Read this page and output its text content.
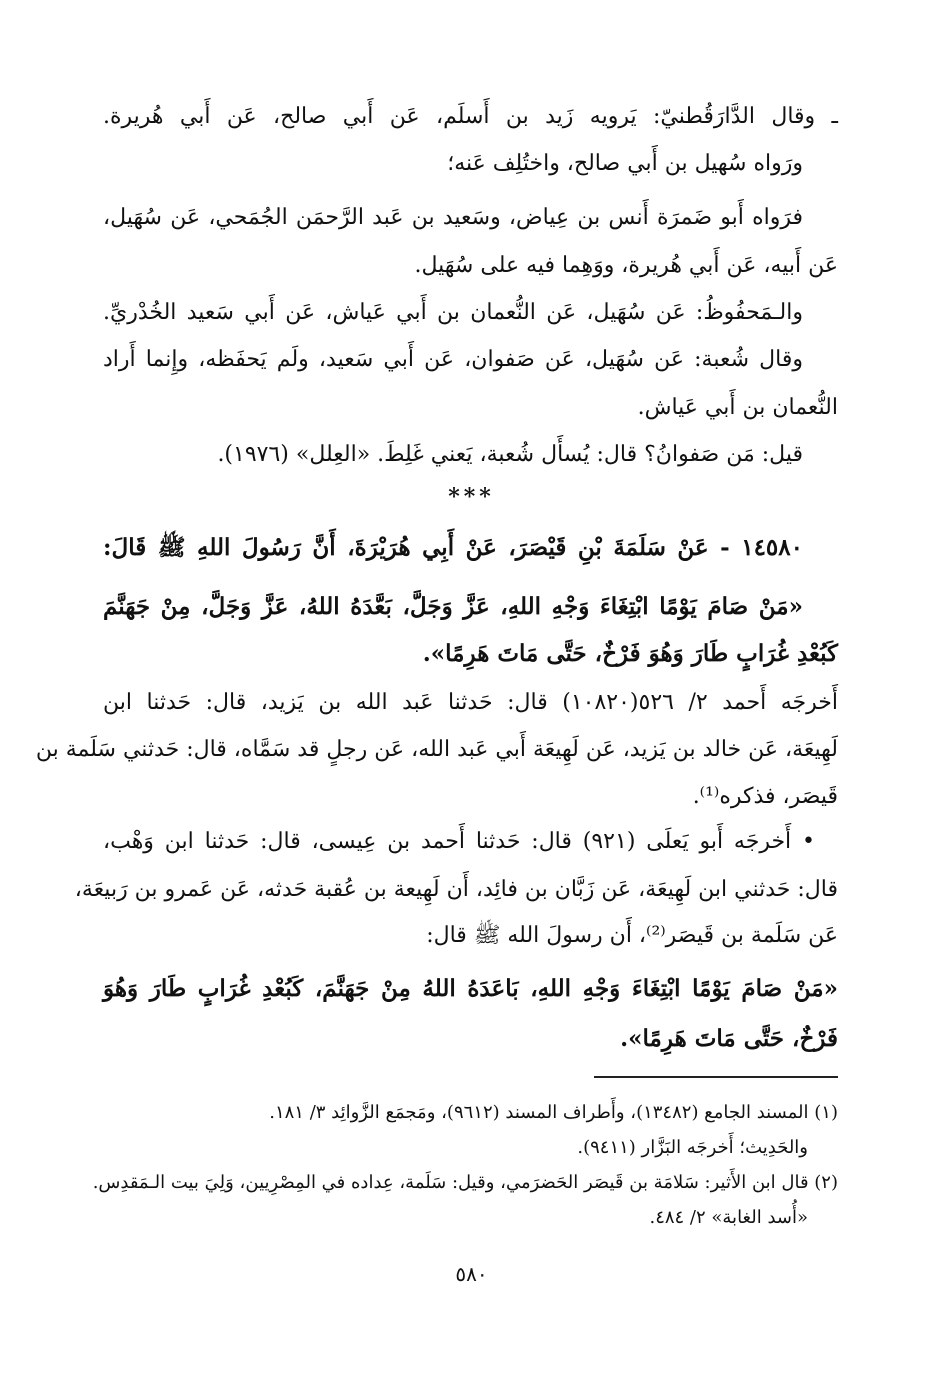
ـ وقال الدَّارَقُطنيّ: يَرويه زَيد بن أَسلَم، عَن أَبي صالح، عَن أَبي هُريرة.
ورَواه سُهيل بن أَبي صالح، واختُلِف عَنه؛
فرَواه أَبو ضَمرَة أَنس بن عِياض، وسَعيد بن عَبد الرَّحمَن الجُمَحي، عَن سُهَيل،
عَن أَبيه، عَن أَبي هُريرة، ووَهِما فيه على سُهَيل.
والـمَحفُوظُ: عَن سُهَيل، عَن النُّعمان بن أَبي عَياش، عَن أَبي سَعيد الخُدْريِّ.
وقال شُعبة: عَن سُهَيل، عَن صَفوان، عَن أَبي سَعيد، ولَم يَحفَظه، وإِنما أَراد
النُّعمان بن أَبي عَياش.
قيل: مَن صَفوانُ؟ قال: يُسأَل شُعبة، يَعني غَلِطَ. «العِلل» (١٩٧٦).
***
١٤٥٨٠ - عَنْ سَلَمَةَ بْنِ قَيْصَرَ، عَنْ أَبِي هُرَيْرَةَ، أَنَّ رَسُولَ اللهِ ﷺ قَالَ:
«مَنْ صَامَ يَوْمًا ابْتِغَاءَ وَجْهِ اللهِ، عَزَّ وَجَلَّ، بَعَّدَهُ اللهُ، عَزَّ وَجَلَّ، مِنْ جَهَنَّمَ
كَبُعْدِ غُرَابٍ طَارَ وَهُوَ فَرْخٌ، حَتَّى مَاتَ هَرِمًا».
أَخرجَه أَحمد ٢/ ٥٢٦(١٠٨٢٠) قال: حَدثنا عَبد الله بن يَزيد، قال: حَدثنا ابن
لَهِيعَة، عَن خالد بن يَزيد، عَن لَهِيعَة أَبي عَبد الله، عَن رجلٍ قد سَمَّاه، قال: حَدثني سَلَمة بن
قَيصَر، فذكره⁽¹⁾.
• أَخرجَه أَبو يَعلَى (٩٢١) قال: حَدثنا أَحمد بن عِيسى، قال: حَدثنا ابن وَهْب،
قال: حَدثني ابن لَهِيعَة، عَن زَبَّان بن فائِد، أَن لَهِيعة بن عُقبة حَدثه، عَن عَمرو بن رَبيعَة،
عَن سَلَمة بن قَيصَر⁽²⁾، أَن رسولَ الله ﷺ قال:
«مَنْ صَامَ يَوْمًا ابْتِغَاءَ وَجْهِ اللهِ، بَاعَدَهُ اللهُ مِنْ جَهَنَّمَ، كَبُعْدِ غُرَابٍ طَارَ وَهُوَ
فَرْخٌ، حَتَّى مَاتَ هَرِمًا».
(١) المسند الجامع (١٣٤٨٢)، وأَطراف المسند (٩٦١٢)، ومَجمَع الزَّوائِد ٣/ ١٨١.
والحَدِيث؛ أَخرجَه البَزَّار (٩٤١١).
(٢) قال ابن الأَثير: سَلامَة بن قَيصَر الحَضرَمي، وقيل: سَلَمة، عِداده في المِصْرِيين، وَلِيَ بيت الـمَقدِس.
«أُسد الغابة» ٢/ ٤٨٤.
٥٨٠
